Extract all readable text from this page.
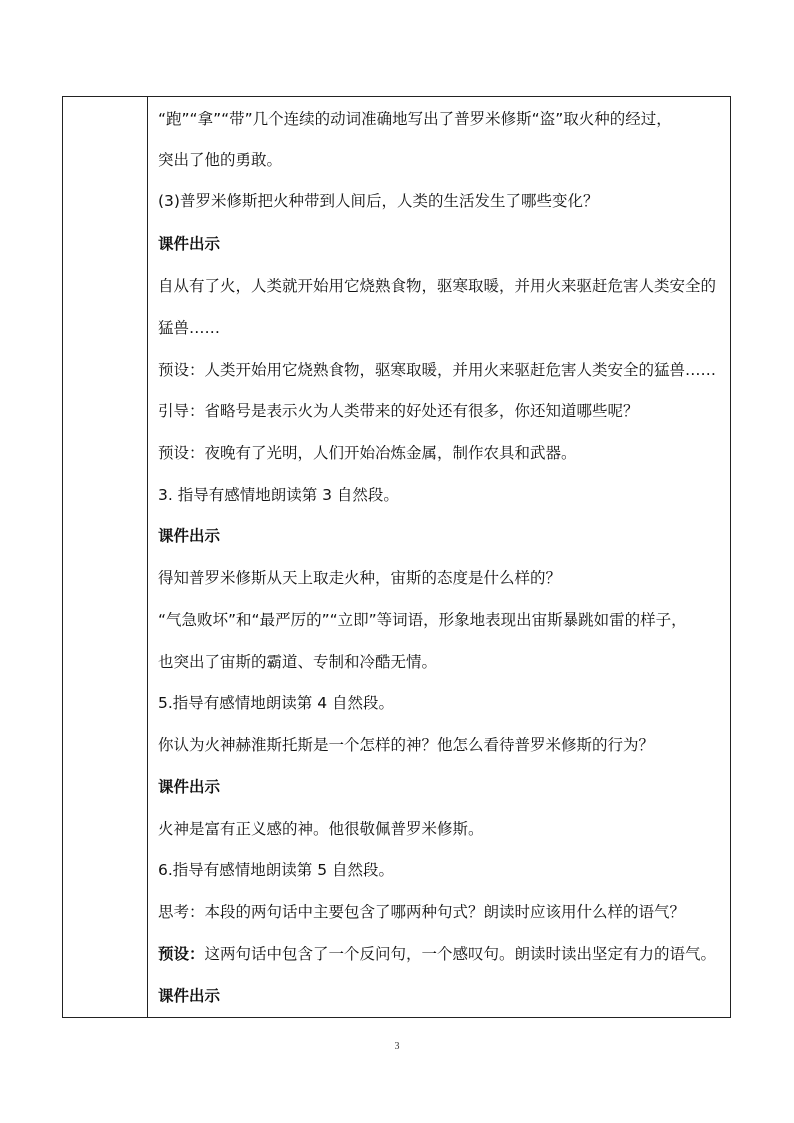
“跑”“拿”“带”几个连续的动词准确地写出了普罗米修斯“盗”取火种的经过，
突出了他的勇敢。
(3)普罗米修斯把火种带到人间后，人类的生活发生了哪些变化？
课件出示
自从有了火，人类就开始用它烧熟食物，驱寒取暖，并用火来驱赶危害人类安全的
猛兽……
预设：人类开始用它烧熟食物，驱寒取暖，并用火来驱赶危害人类安全的猛兽……
引导：省略号是表示火为人类带来的好处还有很多，你还知道哪些呢？
预设：夜晚有了光明，人们开始冶炼金属，制作农具和武器。
3. 指导有感情地朗读第 3 自然段。
课件出示
得知普罗米修斯从天上取走火种，宙斯的态度是什么样的？
“气急败坏”和“最严厉的”“立即”等词语，形象地表现出宙斯暴跳如雷的样子，
也突出了宙斯的霸道、专制和冷酷无情。
5.指导有感情地朗读第 4 自然段。
你认为火神赫淮斯托斯是一个怎样的神？他怎么看待普罗米修斯的行为？
课件出示
火神是富有正义感的神。他很敬佩普罗米修斯。
6.指导有感情地朗读第 5 自然段。
思考：本段的两句话中主要包含了哪两种句式？朗读时应该用什么样的语气？
预设：这两句话中包含了一个反问句，一个感叹句。朗读时读出坚定有力的语气。
课件出示
3
